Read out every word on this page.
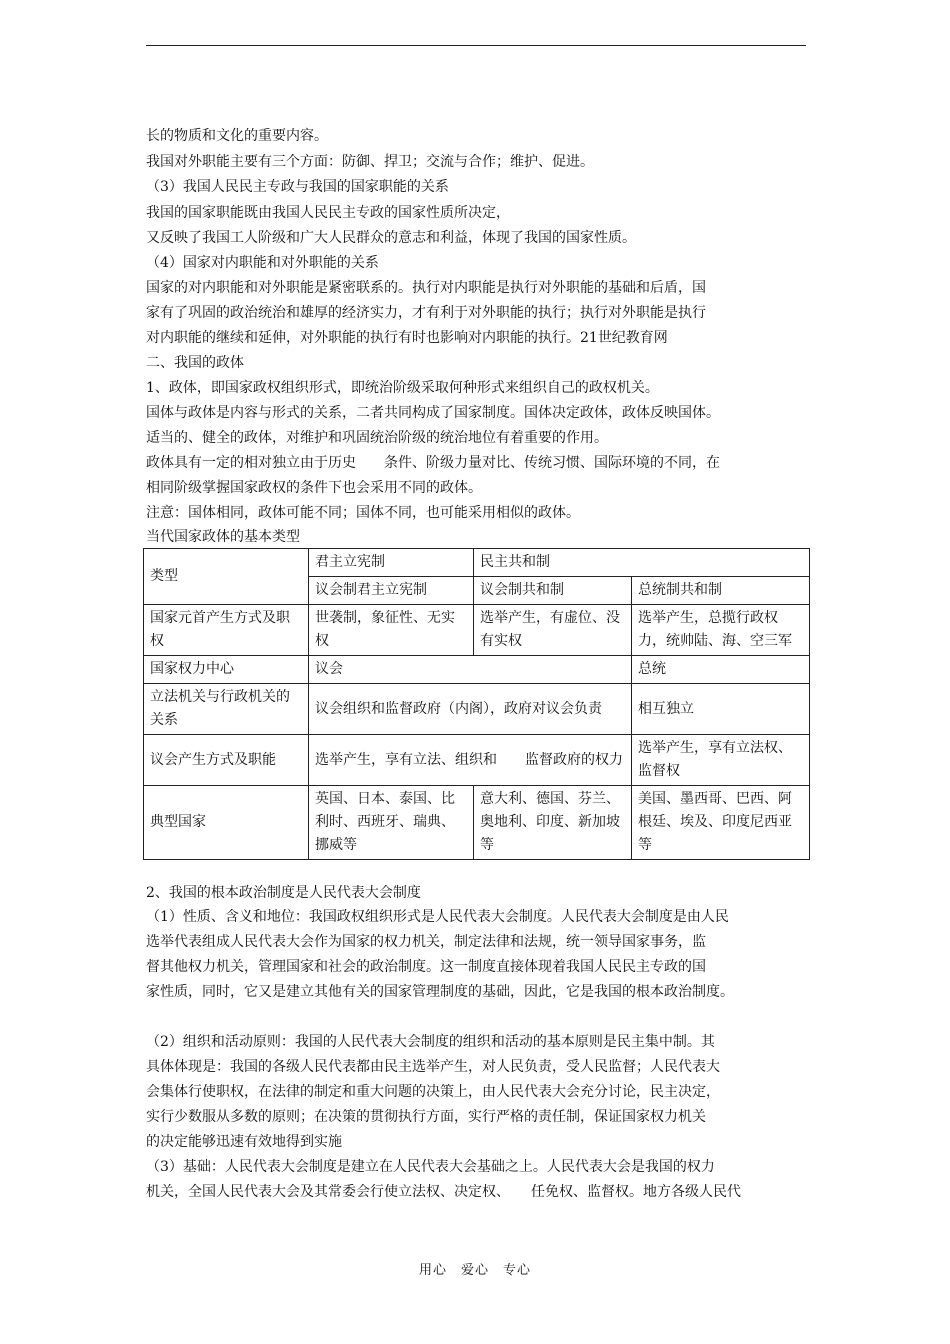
长的物质和文化的重要内容。
我国对外职能主要有三个方面：防御、捍卫；交流与合作；维护、促进。
（3）我国人民民主专政与我国的国家职能的关系
我国的国家职能既由我国人民民主专政的国家性质所决定，
又反映了我国工人阶级和广大人民群众的意志和利益，体现了我国的国家性质。
（4）国家对内职能和对外职能的关系
国家的对内职能和对外职能是紧密联系的。执行对内职能是执行对外职能的基础和后盾，国
家有了巩固的政治统治和雄厚的经济实力，才有利于对外职能的执行；执行对外职能是执行
对内职能的继续和延伸，对外职能的执行有时也影响对内职能的执行。21世纪教育网
二、我国的政体
1、政体，即国家政权组织形式，即统治阶级采取何种形式来组织自己的政权机关。
国体与政体是内容与形式的关系，二者共同构成了国家制度。国体决定政体，政体反映国体。
适当的、健全的政体，对维护和巩固统治阶级的统治地位有着重要的作用。
政体具有一定的相对独立由于历史　　条件、阶级力量对比、传统习惯、国际环境的不同，在
相同阶级掌握国家政权的条件下也会采用不同的政体。
注意：国体相同，政体可能不同；国体不同，也可能采用相似的政体。
当代国家政体的基本类型
类型	君主立宪制	民主共和制	
	议会制君主立宪制	议会制共和制	总统制共和制
国家元首产生方式及职权	世袭制，象征性、无实权	选举产生，有虚位、没有实权	选举产生，总揽行政权力，统帅陆、海、空三军
国家权力中心	议会		总统
立法机关与行政机关的关系	议会组织和监督政府（内阁），政府对议会负责		相互独立
议会产生方式及职能	选举产生，享有立法、组织和　　监督政府的权力		选举产生，享有立法权、监督权
典型国家	英国、日本、泰国、比利时、西班牙、瑞典、挪威等	意大利、德国、芬兰、奥地利、印度、新加坡等	美国、墨西哥、巴西、阿根廷、埃及、印度尼西亚等
2、我国的根本政治制度是人民代表大会制度
（1）性质、含义和地位：我国政权组织形式是人民代表大会制度。人民代表大会制度是由人民
选举代表组成人民代表大会作为国家的权力机关，制定法律和法规，统一领导国家事务，监
督其他权力机关，管理国家和社会的政治制度。这一制度直接体现着我国人民民主专政的国
家性质，同时，它又是建立其他有关的国家管理制度的基础，因此，它是我国的根本政治制度。
（2）组织和活动原则：我国的人民代表大会制度的组织和活动的基本原则是民主集中制。其
具体体现是：我国的各级人民代表都由民主选举产生，对人民负责，受人民监督；人民代表大
会集体行使职权，在法律的制定和重大问题的决策上，由人民代表大会充分讨论，民主决定，
实行少数服从多数的原则；在决策的贯彻执行方面，实行严格的责任制，保证国家权力机关
的决定能够迅速有效地得到实施
（3）基础：人民代表大会制度是建立在人民代表大会基础之上。人民代表大会是我国的权力
机关，全国人民代表大会及其常委会行使立法权、决定权、　　任免权、监督权。地方各级人民代
用心　爱心　专心
